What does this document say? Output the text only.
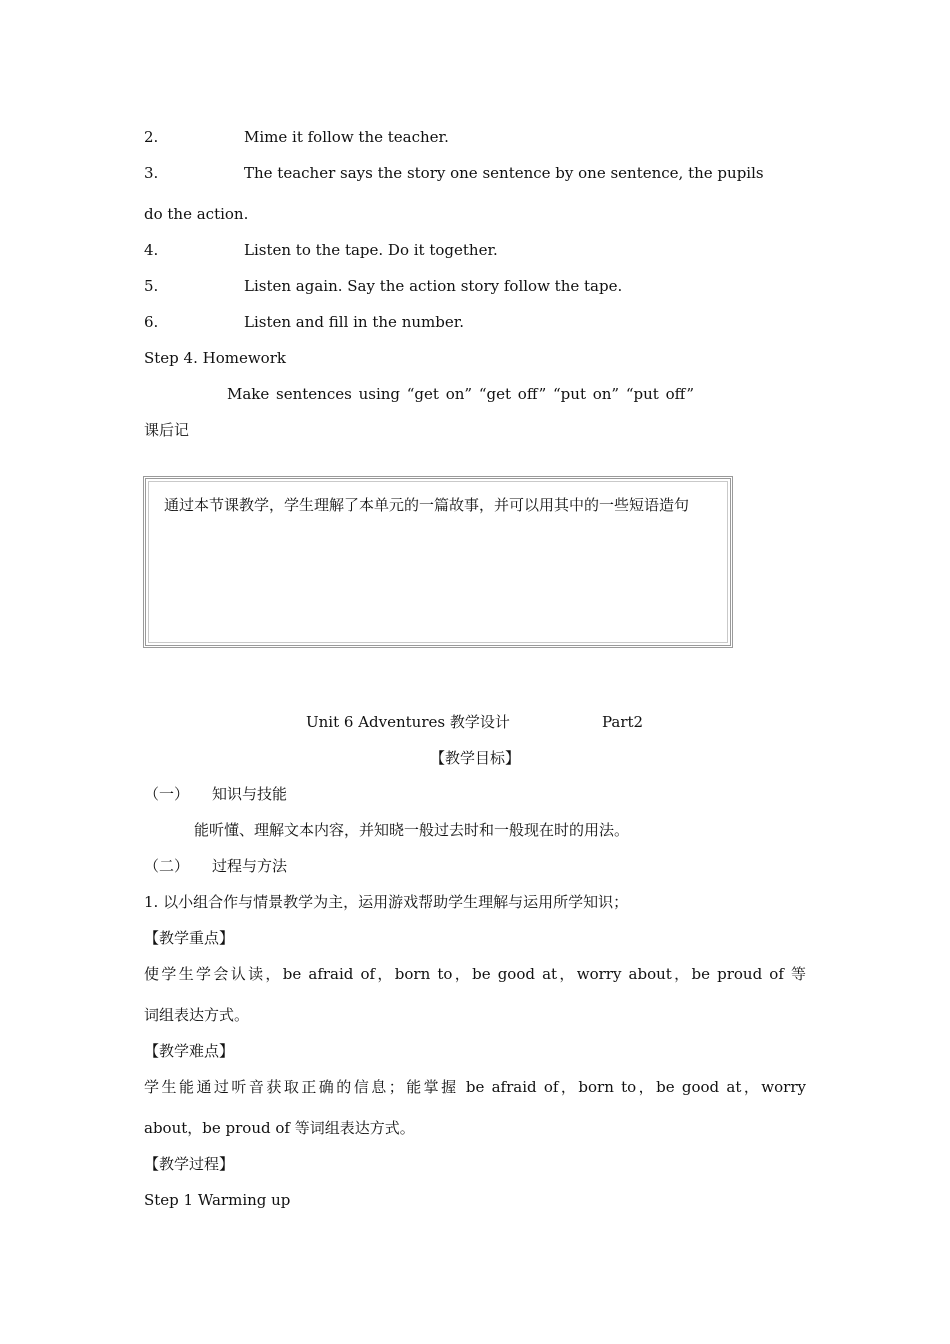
2.	Mime it follow the teacher.
3.	The teacher says the story one sentence by one sentence, the pupils
do the action.
4.	Listen to the tape. Do it together.
5.	Listen again. Say the action story follow the tape.
6.	Listen and fill in the number.
Step 4. Homework
Make sentences using “get on” “get off” “put on” “put off”
课后记
通过本节课教学，学生理解了本单元的一篇故事，并可以用其中的一些短语造句
Unit 6 Adventures 教学设计	Part2
【教学目标】
（一） 知识与技能
能听懂、理解文本内容，并知晓一般过去时和一般现在时的用法。
（二） 过程与方法
1. 以小组合作与情景教学为主，运用游戏帮助学生理解与运用所学知识；
【教学重点】
使学生学会认读，be afraid of，born to，be good at，worry about，be proud of 等
词组表达方式。
【教学难点】
学生能通过听音获取正确的信息；能掌握 be afraid of，born to，be good at，worry
about，be proud of 等词组表达方式。
【教学过程】
Step 1 Warming up
